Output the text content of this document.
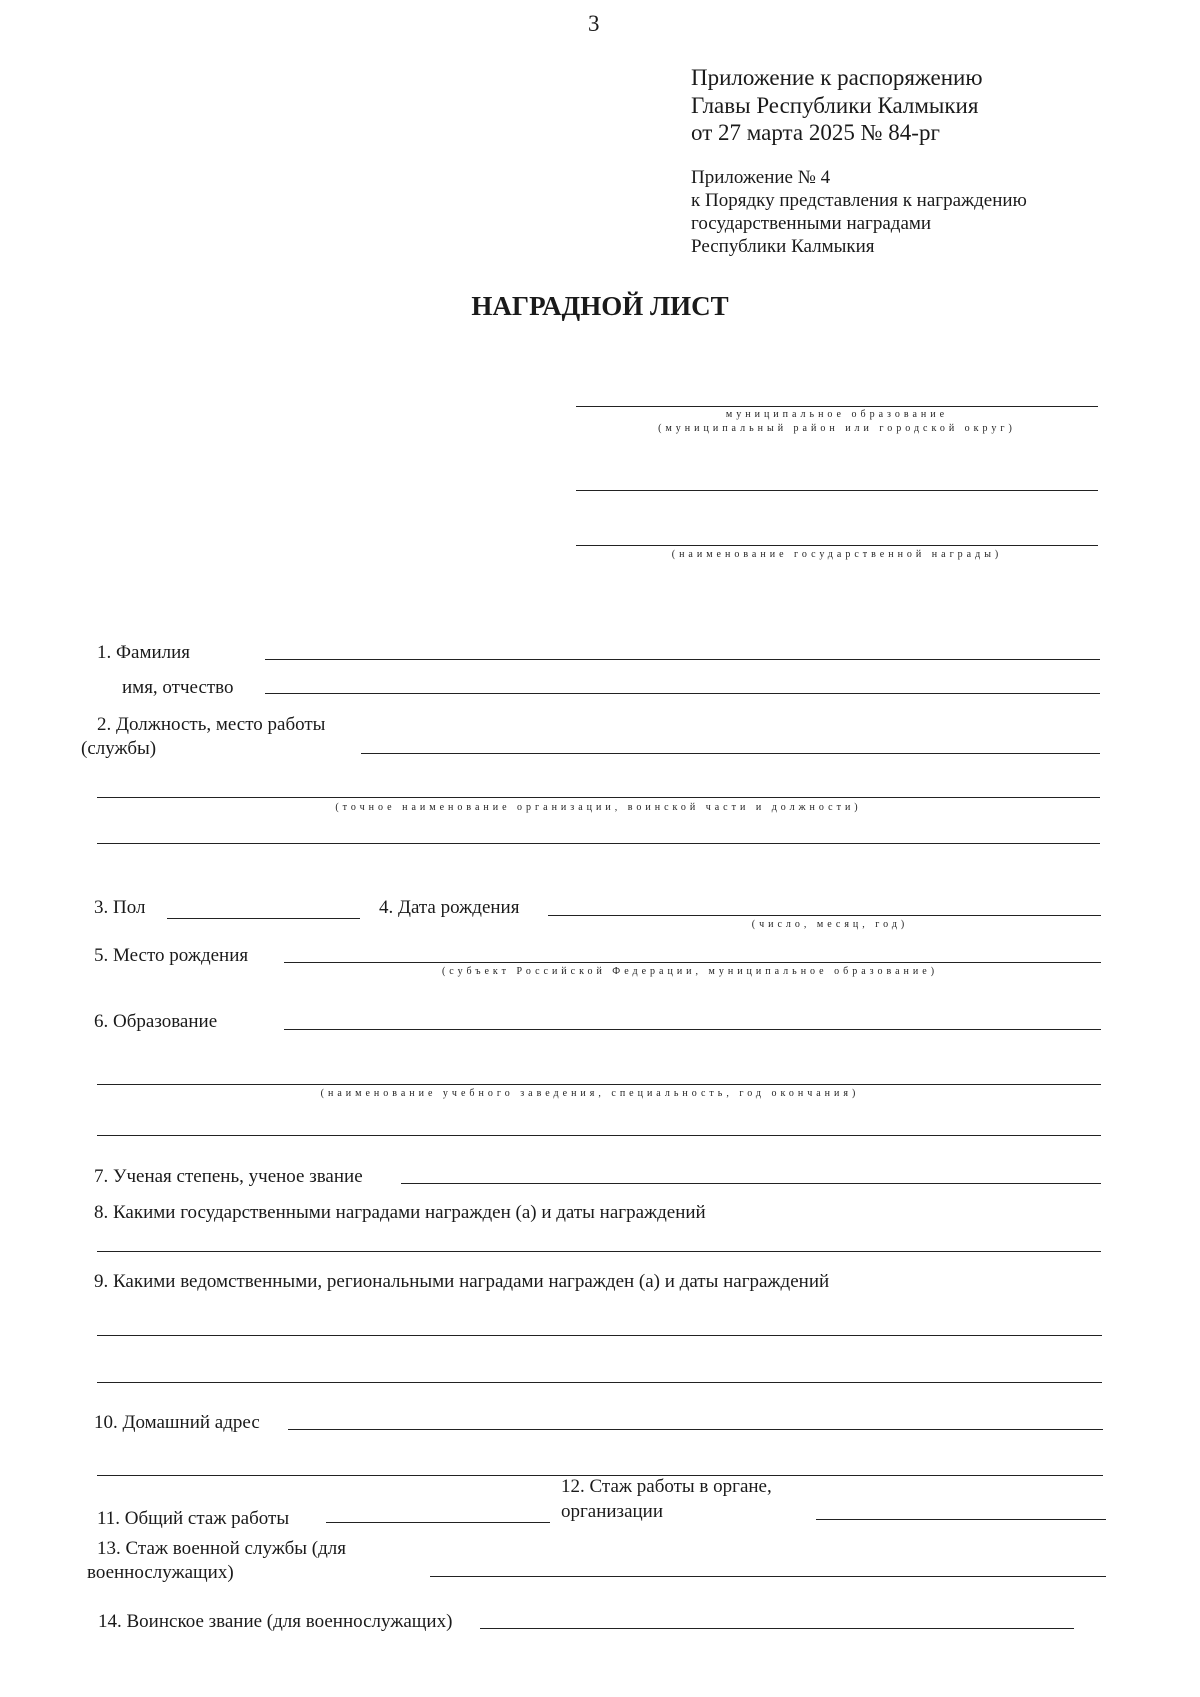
3
Приложение к распоряжению
Главы Республики Калмыкия
от 27 марта 2025 № 84-рг
Приложение № 4
к Порядку представления к награждению
государственными наградами
Республики Калмыкия
НАГРАДНОЙ ЛИСТ
муниципальное образование
(муниципальный район или городской округ)
(наименование государственной награды)
1. Фамилия
имя, отчество
2. Должность, место работы
(службы)
(точное наименование организации, воинской части и должности)
3. Пол	4. Дата рождения
(число, месяц, год)
5. Место рождения
(субъект Российской Федерации, муниципальное образование)
6. Образование
(наименование учебного заведения, специальность, год окончания)
7. Ученая степень, ученое звание
8. Какими государственными наградами награжден (а) и даты награждений
9. Какими ведомственными, региональными наградами награжден (а) и даты награждений
10. Домашний адрес
11. Общий стаж работы
12. Стаж работы в органе,
организации
13. Стаж военной службы (для
военнослужащих)
14. Воинское звание (для военнослужащих)
